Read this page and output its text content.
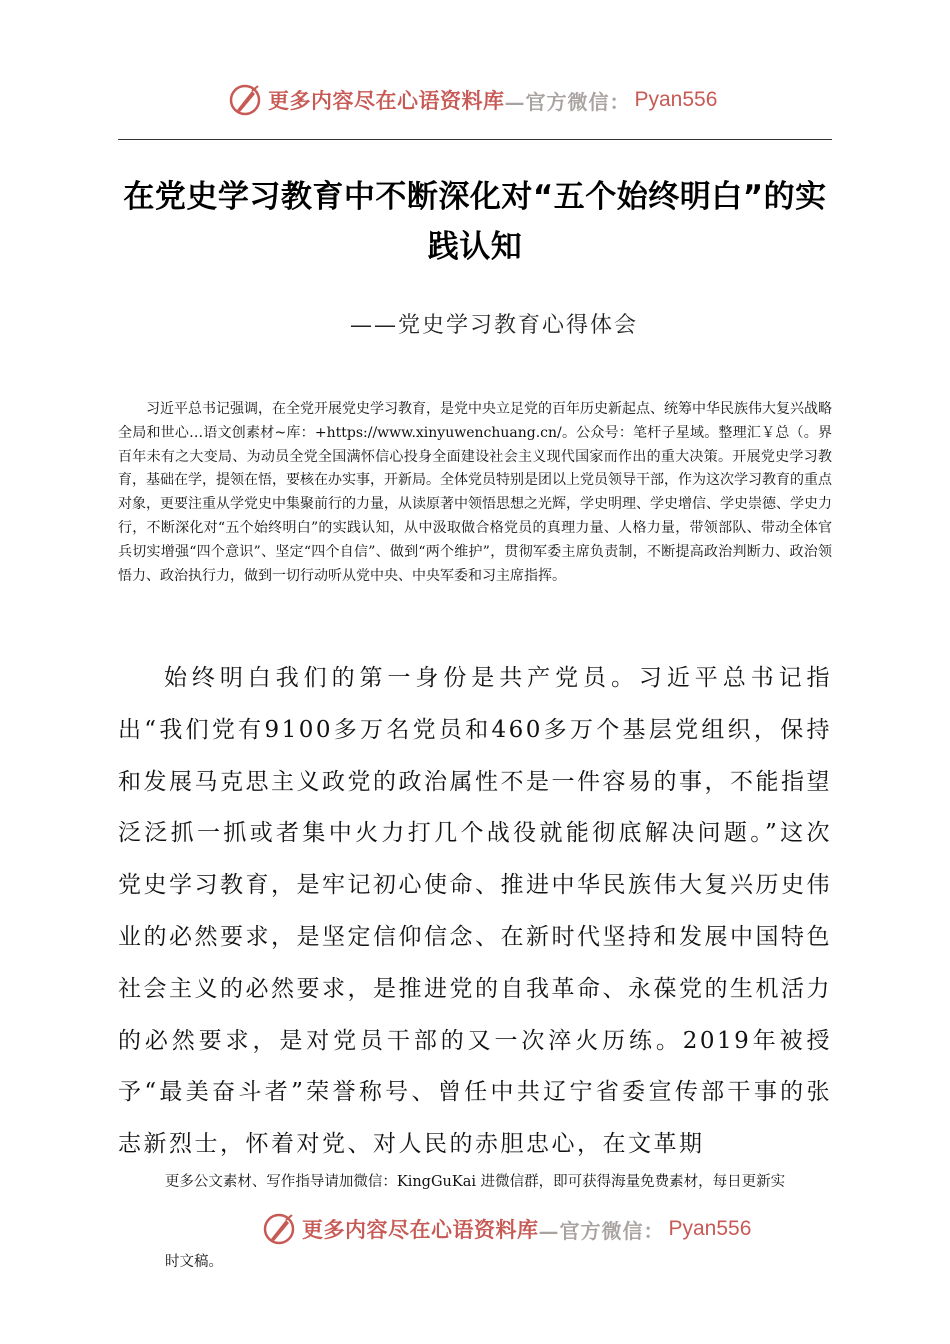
更多内容尽在心语资料库 —官方微信： Pyan556
在党史学习教育中不断深化对“五个始终明白”的实践认知
——党史学习教育心得体会

习近平总书记强调，在全党开展党史学习教育，是党中央立足党的百年历史新起点、统筹中华民族伟大复兴战略全局和世心…语文创素材~库：+https://www.xinyuwenchuang.cn/。公众号：笔杆子星域。整理汇￥总（。界百年未有之大变局、为动员全党全国满怀信心投身全面建设社会主义现代国家而作出的重大决策。开展党史学习教育，基础在学，提领在悟，要核在办实事，开新局。全体党员特别是团以上党员领导干部，作为这次学习教育的重点对象，更要注重从学党史中集聚前行的力量，从读原著中领悟思想之光辉，学史明理、学史增信、学史崇德、学史力行，不断深化对“五个始终明白”的实践认知，从中汲取做合格党员的真理力量、人格力量，带领部队、带动全体官兵切实增强“四个意识”、坚定“四个自信”、做到“两个维护”，贯彻军委主席负责制，不断提高政治判断力、政治领悟力、政治执行力，做到一切行动听从党中央、中央军委和习主席指挥。

始终明白我们的第一身份是共产党员。习近平总书记指出“我们党有9100多万名党员和460多万个基层党组织，保持和发展马克思主义政党的政治属性不是一件容易的事，不能指望泛泛抓一抓或者集中火力打几个战役就能彻底解决问题。”这次党史学习教育，是牢记初心使命、推进中华民族伟大复兴历史伟业的必然要求，是坚定信仰信念、在新时代坚持和发展中国特色社会主义的必然要求，是推进党的自我革命、永葆党的生机活力的必然要求，是对党员干部的又一次淬火历练。2019年被授予“最美奋斗者”荣誉称号、曾任中共辽宁省委宣传部干事的张志新烈士，怀着对党、对人民的赤胆忠心，在文革期

更多公文素材、写作指导请加微信：KingGuKai 进微信群，即可获得海量免费素材，每日更新实
更多内容尽在心语资料库 —官方微信： Pyan556
时文稿。
